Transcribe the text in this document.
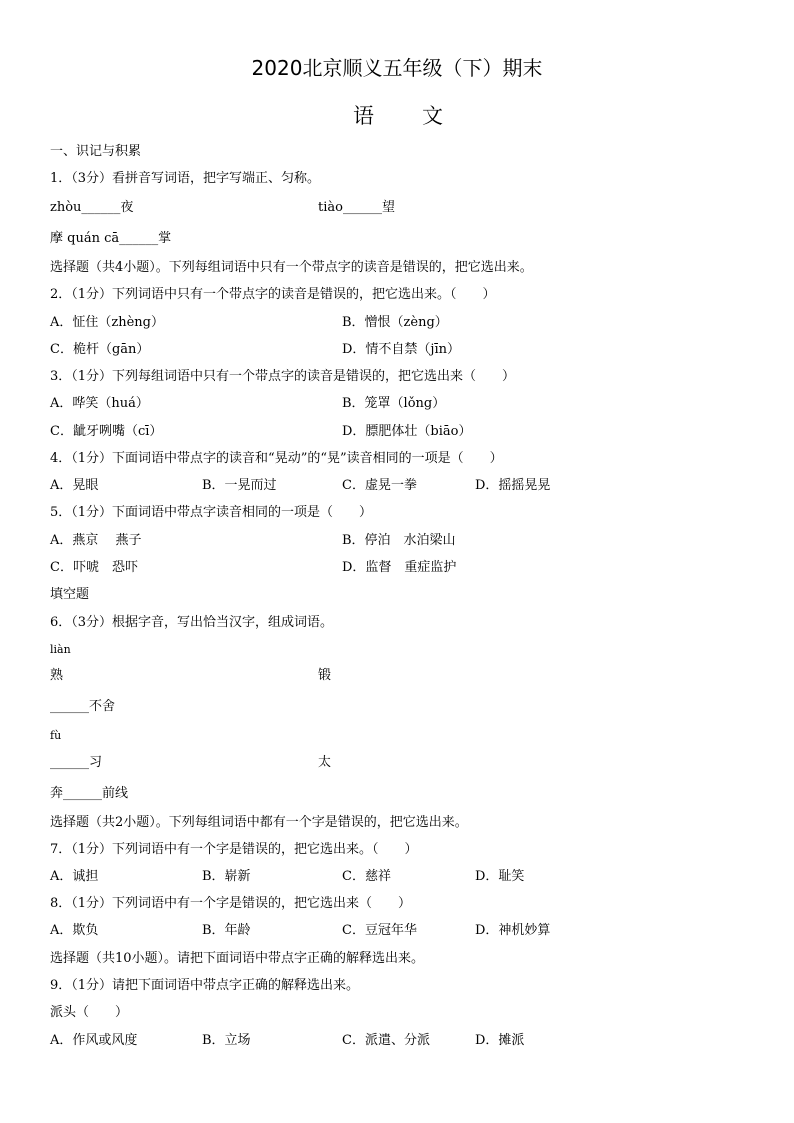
2020北京顺义五年级（下）期末
语 文
一、识记与积累
1．（3分）看拼音写词语，把字写端正、匀称。
zhòu______夜	tiào______望
摩 quán cā______掌
选择题（共4小题）。下列每组词语中只有一个带点字的读音是错误的，把它选出来。
2．（1分）下列词语中只有一个带点字的读音是错误的，把它选出来。（　　）
A．怔住（zhèng）	B．憎恨（zèng）
C．桅杆（gān）	D．情不自禁（jīn）
3．（1分）下列每组词语中只有一个带点字的读音是错误的，把它选出来（　　）
A．哗笑（huá）	B．笼罩（lǒng）
C．龇牙咧嘴（cī）	D．膘肥体壮（biāo）
4．（1分）下面词语中带点字的读音和“晃动”的“晃”读音相同的一项是（　　）
A．晃眼	B．一晃而过	C．虚晃一拳	D．摇摇晃晃
5．（1分）下面词语中带点字读音相同的一项是（　　）
A．燕京　 燕子	B．停泊　水泊梁山
C．吓唬　恐吓	D．监督　重症监护
填空题
6．（3分）根据字音，写出恰当汉字，组成词语。
liàn
熟	锻
______不舍
fù
______习	太
奔______前线
选择题（共2小题）。下列每组词语中都有一个字是错误的，把它选出来。
7．（1分）下列词语中有一个字是错误的，把它选出来。（　　）
A．诚担	B．崭新	C．慈祥	D．耻笑
8．（1分）下列词语中有一个字是错误的，把它选出来（　　）
A．欺负	B．年龄	C．豆冠年华	D．神机妙算
选择题（共10小题）。请把下面词语中带点字正确的解释选出来。
9．（1分）请把下面词语中带点字正确的解释选出来。
派头（　　）
A．作风或风度	B．立场	C．派遣、分派	D．摊派
